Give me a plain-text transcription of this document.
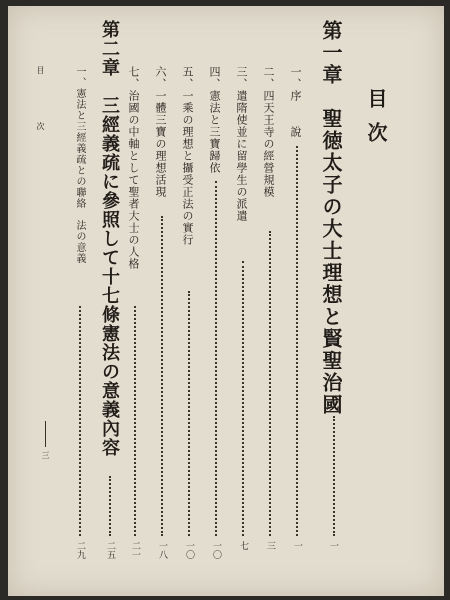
目次
第一章　聖徳太子の大士理想と賢聖治國
一
一、序　　說
一
二、四天王寺の經營規模
三
三、遣隋使並に留學生の派遣
七
四、憲法と三寶歸依
一〇
五、一乘の理想と攝受正法の實行
一〇
六、一體三寶の理想活現
一八
七、治國の中軸として聖者大士の人格
二一
第二章　三經義疏に參照して十七條憲法の意義內容
二五
一、憲法と三經義疏との聯絡　法の意義
二九
目　次
三
